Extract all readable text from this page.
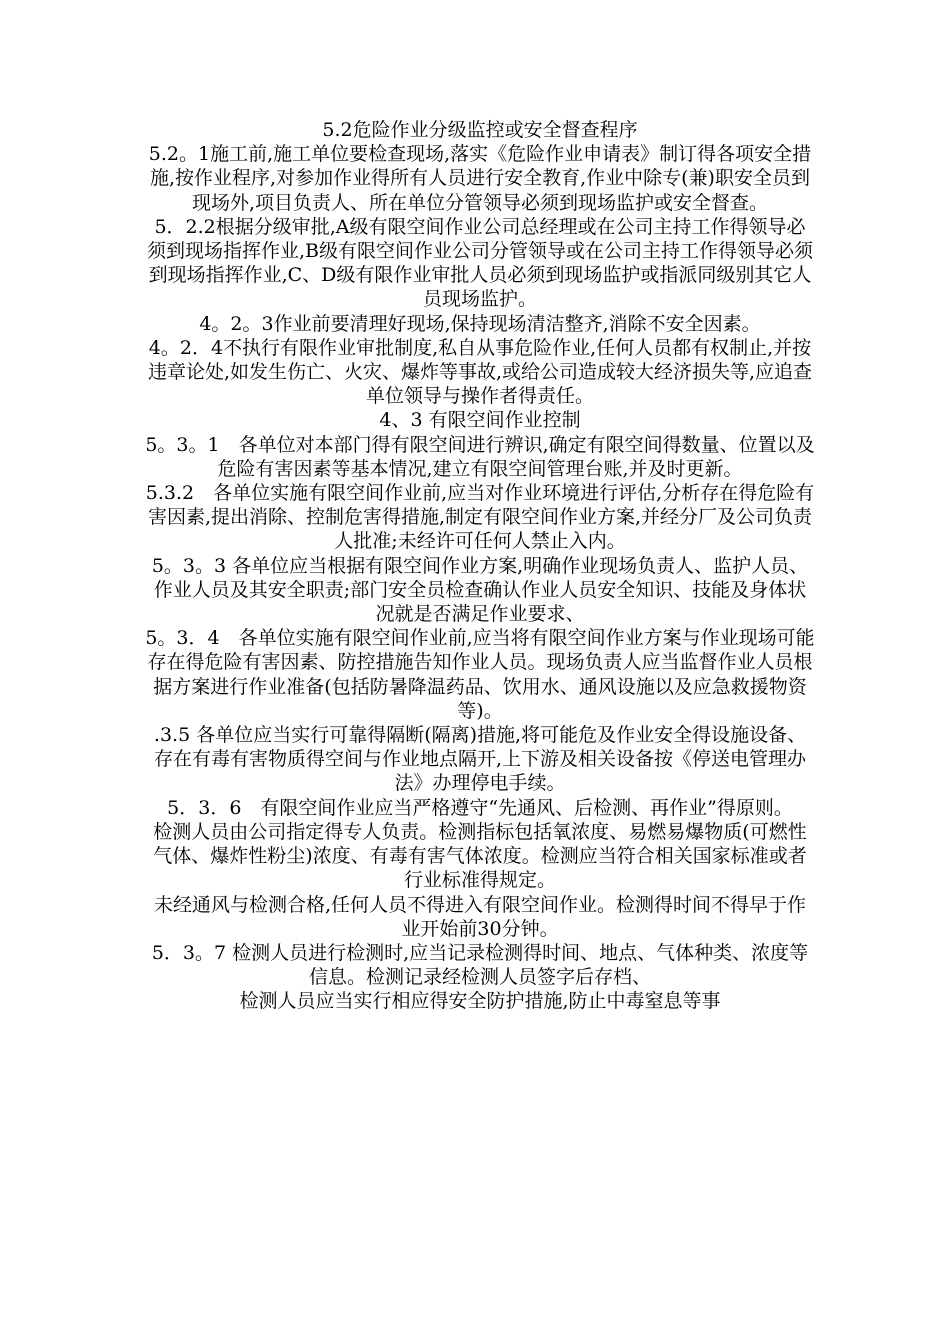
5.2危险作业分级监控或安全督查程序

5.2。1施工前,施工单位要检查现场,落实《危险作业申请表》制订得各项安全措施,按作业程序,对参加作业得所有人员进行安全教育,作业中除专(兼)职安全员到现场外,项目负责人、所在单位分管领导必须到现场监护或安全督查。

5．2.2根据分级审批,A级有限空间作业公司总经理或在公司主持工作得领导必须到现场指挥作业,B级有限空间作业公司分管领导或在公司主持工作得领导必须到现场指挥作业,C、D级有限作业审批人员必须到现场监护或指派同级别其它人员现场监护。

4。2。3作业前要清理好现场,保持现场清洁整齐,消除不安全因素。

4。2．4不执行有限作业审批制度,私自从事危险作业,任何人员都有权制止,并按违章论处,如发生伤亡、火灾、爆炸等事故,或给公司造成较大经济损失等,应追查单位领导与操作者得责任。

4、3 有限空间作业控制

5。3。1　各单位对本部门得有限空间进行辨识,确定有限空间得数量、位置以及危险有害因素等基本情况,建立有限空间管理台账,并及时更新。

5.3.2　各单位实施有限空间作业前,应当对作业环境进行评估,分析存在得危险有害因素,提出消除、控制危害得措施,制定有限空间作业方案,并经分厂及公司负责人批准;未经许可任何人禁止入内。

5。3。3 各单位应当根据有限空间作业方案,明确作业现场负责人、监护人员、作业人员及其安全职责;部门安全员检查确认作业人员安全知识、技能及身体状况就是否满足作业要求、

5。3．4　各单位实施有限空间作业前,应当将有限空间作业方案与作业现场可能存在得危险有害因素、防控措施告知作业人员。现场负责人应当监督作业人员根据方案进行作业准备(包括防暑降温药品、饮用水、通风设施以及应急救援物资等)。

.3.5 各单位应当实行可靠得隔断(隔离)措施,将可能危及作业安全得设施设备、存在有毒有害物质得空间与作业地点隔开,上下游及相关设备按《停送电管理办法》办理停电手续。

5．3．6　有限空间作业应当严格遵守“先通风、后检测、再作业”得原则。

检测人员由公司指定得专人负责。检测指标包括氧浓度、易燃易爆物质(可燃性气体、爆炸性粉尘)浓度、有毒有害气体浓度。检测应当符合相关国家标准或者行业标准得规定。

未经通风与检测合格,任何人员不得进入有限空间作业。检测得时间不得早于作业开始前30分钟。

5．3。7 检测人员进行检测时,应当记录检测得时间、地点、气体种类、浓度等信息。检测记录经检测人员签字后存档、

检测人员应当实行相应得安全防护措施,防止中毒窒息等事
